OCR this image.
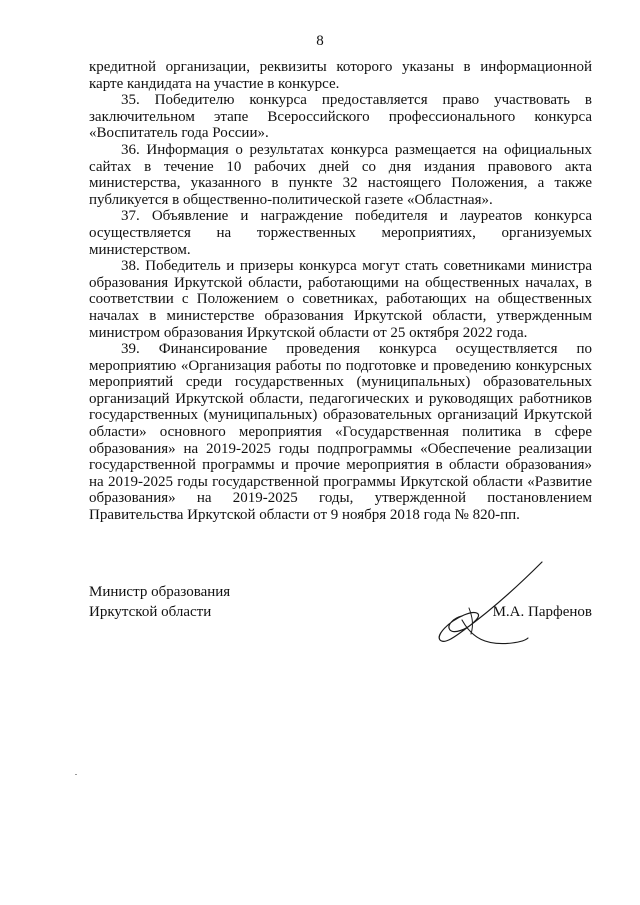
8

кредитной организации, реквизиты которого указаны в информационной карте кандидата на участие в конкурсе.

35. Победителю конкурса предоставляется право участвовать в заключительном этапе Всероссийского профессионального конкурса «Воспитатель года России».

36. Информация о результатах конкурса размещается на официальных сайтах в течение 10 рабочих дней со дня издания правового акта министерства, указанного в пункте 32 настоящего Положения, а также публикуется в общественно-политической газете «Областная».

37. Объявление и награждение победителя и лауреатов конкурса осуществляется на торжественных мероприятиях, организуемых министерством.

38. Победитель и призеры конкурса могут стать советниками министра образования Иркутской области, работающими на общественных началах, в соответствии с Положением о советниках, работающих на общественных началах в министерстве образования Иркутской области, утвержденным министром образования Иркутской области от 25 октября 2022 года.

39. Финансирование проведения конкурса осуществляется по мероприятию «Организация работы по подготовке и проведению конкурсных мероприятий среди государственных (муниципальных) образовательных организаций Иркутской области, педагогических и руководящих работников государственных (муниципальных) образовательных организаций Иркутской области» основного мероприятия «Государственная политика в сфере образования» на 2019-2025 годы подпрограммы «Обеспечение реализации государственной программы и прочие мероприятия в области образования» на 2019-2025 годы государственной программы Иркутской области «Развитие образования» на 2019-2025 годы, утвержденной постановлением Правительства Иркутской области от 9 ноября 2018 года № 820-пп.

Министр образования
Иркутской области	М.А. Парфенов
